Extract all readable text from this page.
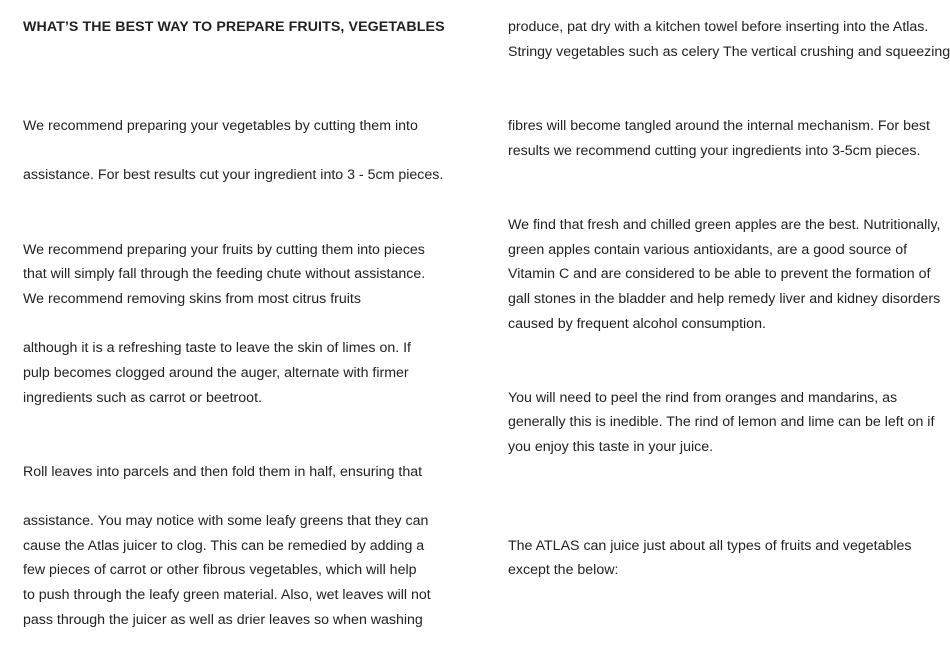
WHAT’S THE BEST WAY TO PREPARE FRUITS, VEGETABLES
We recommend preparing your vegetables by cutting them into
assistance. For best results cut your ingredient into 3 - 5cm pieces.
We recommend preparing your fruits by cutting them into pieces
that will simply fall through the feeding chute without assistance.
We recommend removing skins from most citrus fruits
although it is a refreshing taste to leave the skin of limes on. If
pulp becomes clogged around the auger, alternate with firmer
ingredients such as carrot or beetroot.
Roll leaves into parcels and then fold them in half, ensuring that
assistance. You may notice with some leafy greens that they can
cause the Atlas juicer to clog. This can be remedied by adding a
few pieces of carrot or other fibrous vegetables, which will help
to push through the leafy green material. Also, wet leaves will not
pass through the juicer as well as drier leaves so when washing
produce, pat dry with a kitchen towel before inserting into the Atlas.
Stringy vegetables such as celery The vertical crushing and squeezing
fibres will become tangled around the internal mechanism. For best
results we recommend cutting your ingredients into 3-5cm pieces.
We find that fresh and chilled green apples are the best. Nutritionally,
green apples contain various antioxidants, are a good source of
Vitamin C and are considered to be able to prevent the formation of
gall stones in the bladder and help remedy liver and kidney disorders
caused by frequent alcohol consumption.
You will need to peel the rind from oranges and mandarins, as
generally this is inedible. The rind of lemon and lime can be left on if
you enjoy this taste in your juice.
The ATLAS can juice just about all types of fruits and vegetables
except the below:
